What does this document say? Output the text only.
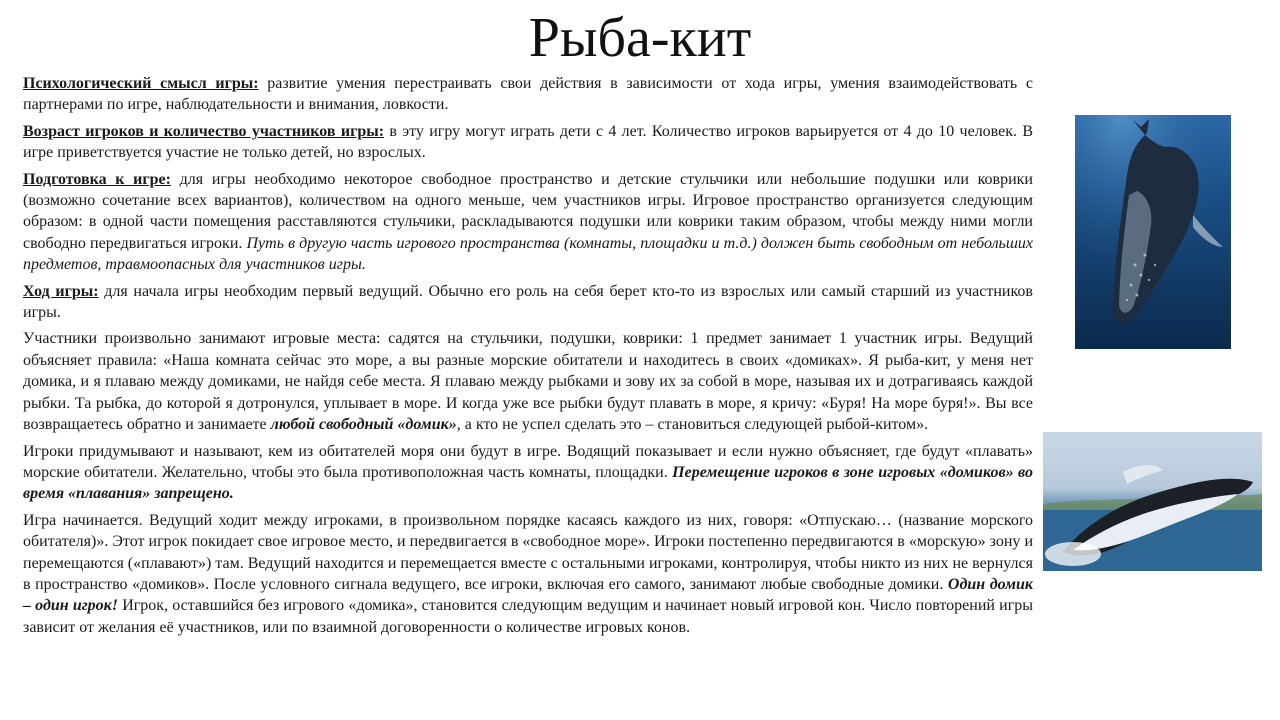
Рыба-кит

Психологический смысл игры: развитие умения перестраивать свои действия в зависимости от хода игры, умения взаимодействовать с партнерами по игре, наблюдательности и внимания, ловкости.

Возраст игроков и количество участников игры: в эту игру могут играть дети с 4 лет. Количество игроков варьируется от 4 до 10 человек. В игре приветствуется участие не только детей, но взрослых.

Подготовка к игре: для игры необходимо некоторое свободное пространство и детские стульчики или небольшие подушки или коврики (возможно сочетание всех вариантов), количеством на одного меньше, чем участников игры. Игровое пространство организуется следующим образом: в одной части помещения расставляются стульчики, раскладываются подушки или коврики таким образом, чтобы между ними могли свободно передвигаться игроки. Путь в другую часть игрового пространства (комнаты, площадки и т.д.) должен быть свободным от небольших предметов, травмоопасных для участников игры.

Ход игры: для начала игры необходим первый ведущий. Обычно его роль на себя берет кто-то из взрослых или самый старший из участников игры.

Участники произвольно занимают игровые места: садятся на стульчики, подушки, коврики: 1 предмет занимает 1 участник игры. Ведущий объясняет правила: «Наша комната сейчас это море, а вы разные морские обитатели и находитесь в своих «домиках». Я рыба-кит, у меня нет домика, и я плаваю между домиками, не найдя себе места. Я плаваю между рыбками и зову их за собой в море, называя их и дотрагиваясь каждой рыбки. Та рыбка, до которой я дотронулся, уплывает в море. И когда уже все рыбки будут плавать в море, я кричу: «Буря! На море буря!». Вы все возвращаетесь обратно и занимаете любой свободный «домик», а кто не успел сделать это – становиться следующей рыбой-китом».

Игроки придумывают и называют, кем из обитателей моря они будут в игре. Водящий показывает и если нужно объясняет, где будут «плавать» морские обитатели. Желательно, чтобы это была противоположная часть комнаты, площадки. Перемещение игроков в зоне игровых «домиков» во время «плавания» запрещено.

Игра начинается. Ведущий ходит между игроками, в произвольном порядке касаясь каждого из них, говоря: «Отпускаю… (название морского обитателя)». Этот игрок покидает свое игровое место, и передвигается в «свободное море». Игроки постепенно передвигаются в «морскую» зону и перемещаются («плавают») там. Ведущий находится и перемещается вместе с остальными игроками, контролируя, чтобы никто из них не вернулся в пространство «домиков». После условного сигнала ведущего, все игроки, включая его самого, занимают любые свободные домики. Один домик – один игрок! Игрок, оставшийся без игрового «домика», становится следующим ведущим и начинает новый игровой кон. Число повторений игры зависит от желания её участников, или по взаимной договоренности о количестве игровых конов.
